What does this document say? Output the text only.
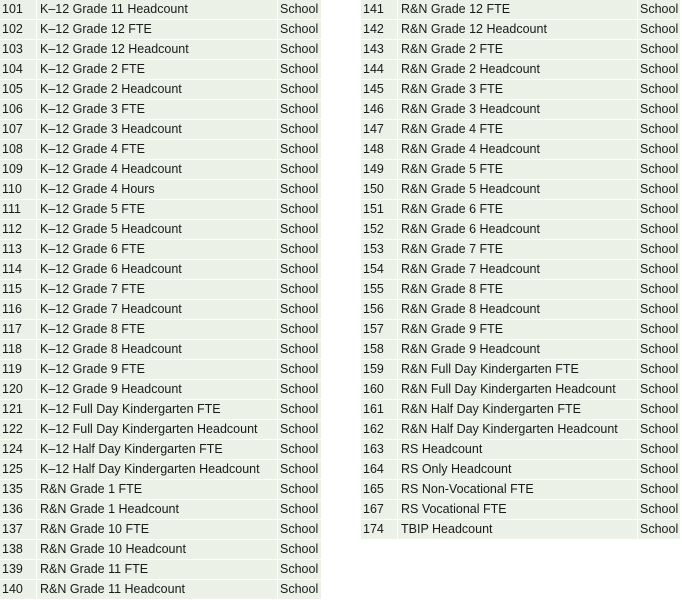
101	K–12 Grade 11 Headcount	School
102	K–12 Grade 12 FTE	School
103	K–12 Grade 12 Headcount	School
104	K–12 Grade 2 FTE	School
105	K–12 Grade 2 Headcount	School
106	K–12 Grade 3 FTE	School
107	K–12 Grade 3 Headcount	School
108	K–12 Grade 4 FTE	School
109	K–12 Grade 4 Headcount	School
110	K–12 Grade 4 Hours	School
111	K–12 Grade 5 FTE	School
112	K–12 Grade 5 Headcount	School
113	K–12 Grade 6 FTE	School
114	K–12 Grade 6 Headcount	School
115	K–12 Grade 7 FTE	School
116	K–12 Grade 7 Headcount	School
117	K–12 Grade 8 FTE	School
118	K–12 Grade 8 Headcount	School
119	K–12 Grade 9 FTE	School
120	K–12 Grade 9 Headcount	School
121	K–12 Full Day Kindergarten FTE	School
122	K–12 Full Day Kindergarten Headcount	School
124	K–12 Half Day Kindergarten FTE	School
125	K–12 Half Day Kindergarten Headcount	School
135	R&N Grade 1 FTE	School
136	R&N Grade 1 Headcount	School
137	R&N Grade 10 FTE	School
138	R&N Grade 10 Headcount	School
139	R&N Grade 11 FTE	School
140	R&N Grade 11 Headcount	School
141	R&N Grade 12 FTE	School
142	R&N Grade 12 Headcount	School
143	R&N Grade 2 FTE	School
144	R&N Grade 2 Headcount	School
145	R&N Grade 3 FTE	School
146	R&N Grade 3 Headcount	School
147	R&N Grade 4 FTE	School
148	R&N Grade 4 Headcount	School
149	R&N Grade 5 FTE	School
150	R&N Grade 5 Headcount	School
151	R&N Grade 6 FTE	School
152	R&N Grade 6 Headcount	School
153	R&N Grade 7 FTE	School
154	R&N Grade 7 Headcount	School
155	R&N Grade 8 FTE	School
156	R&N Grade 8 Headcount	School
157	R&N Grade 9 FTE	School
158	R&N Grade 9 Headcount	School
159	R&N Full Day Kindergarten FTE	School
160	R&N Full Day Kindergarten Headcount	School
161	R&N Half Day Kindergarten FTE	School
162	R&N Half Day Kindergarten Headcount	School
163	RS Headcount	School
164	RS Only Headcount	School
165	RS Non-Vocational FTE	School
167	RS Vocational FTE	School
174	TBIP Headcount	School
